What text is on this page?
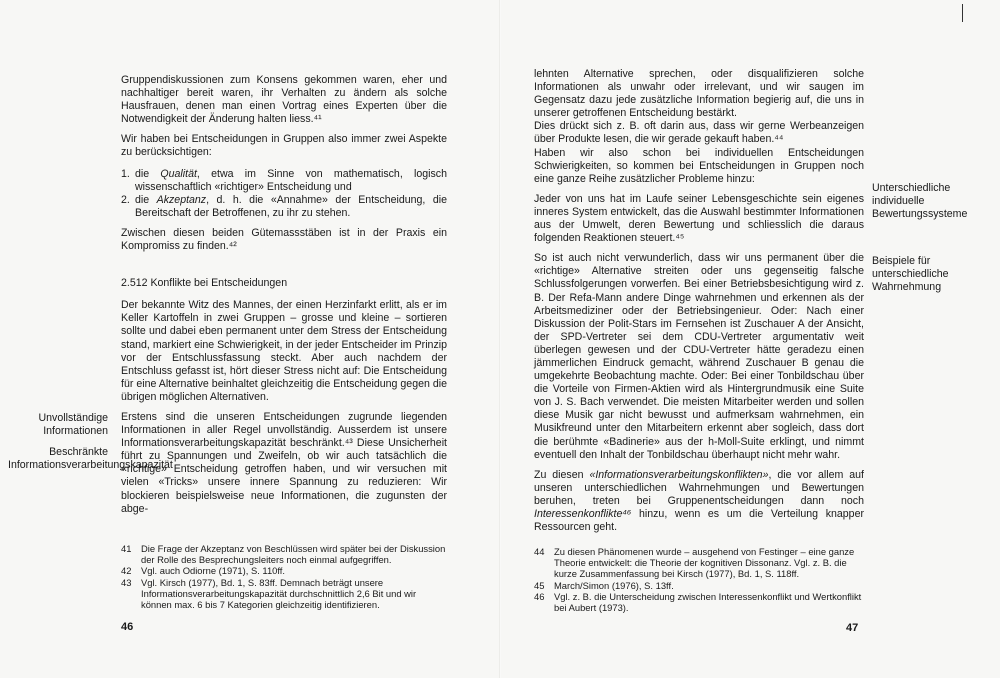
Gruppendiskussionen zum Konsens gekommen waren, eher und nachhaltiger bereit waren, ihr Verhalten zu ändern als solche Hausfrauen, denen man einen Vortrag eines Experten über die Notwendigkeit der Änderung halten liess.⁴¹

Wir haben bei Entscheidungen in Gruppen also immer zwei Aspekte zu berücksichtigen:

1. die Qualität, etwa im Sinne von mathematisch, logisch wissenschaftlich «richtiger» Entscheidung und
2. die Akzeptanz, d. h. die «Annahme» der Entscheidung, die Bereitschaft der Betroffenen, zu ihr zu stehen.

Zwischen diesen beiden Gütemassstäben ist in der Praxis ein Kompromiss zu finden.⁴²

2.512 Konflikte bei Entscheidungen

Der bekannte Witz des Mannes, der einen Herzinfarkt erlitt, als er im Keller Kartoffeln in zwei Gruppen – grosse und kleine – sortieren sollte und dabei eben permanent unter dem Stress der Entscheidung stand, markiert eine Schwierigkeit, in der jeder Entscheider im Prinzip vor der Entschlussfassung steckt. Aber auch nachdem der Entschluss gefasst ist, hört dieser Stress nicht auf: Die Entscheidung für eine Alternative beinhaltet gleichzeitig die Entscheidung gegen die übrigen möglichen Alternativen.

Erstens sind die unseren Entscheidungen zugrunde liegenden Informationen in aller Regel unvollständig. Ausserdem ist unsere Informationsverarbeitungskapazität beschränkt.⁴³ Diese Unsicherheit führt zu Spannungen und Zweifeln, ob wir auch tatsächlich die «richtige» Entscheidung getroffen haben, und wir versuchen mit vielen «Tricks» unsere innere Spannung zu reduzieren: Wir blockieren beispielsweise neue Informationen, die zugunsten der abge-

Unvollständige Informationen
Beschränkte Informationsverarbeitungskapazität
41 Die Frage der Akzeptanz von Beschlüssen wird später bei der Diskussion der Rolle des Besprechungsleiters noch einmal aufgegriffen.
42 Vgl. auch Odiorne (1971), S. 110ff.
43 Vgl. Kirsch (1977), Bd. 1, S. 83ff. Demnach beträgt unsere Informationsverarbeitungskapazität durchschnittlich 2,6 Bit und wir können max. 6 bis 7 Kategorien gleichzeitig identifizieren.
46

lehnten Alternative sprechen, oder disqualifizieren solche Informationen als unwahr oder irrelevant, und wir saugen im Gegensatz dazu jede zusätzliche Information begierig auf, die uns in unserer getroffenen Entscheidung bestärkt.

Dies drückt sich z. B. oft darin aus, dass wir gerne Werbeanzeigen über Produkte lesen, die wir gerade gekauft haben.⁴⁴

Haben wir also schon bei individuellen Entscheidungen Schwierigkeiten, so kommen bei Entscheidungen in Gruppen noch eine ganze Reihe zusätzlicher Probleme hinzu:

Jeder von uns hat im Laufe seiner Lebensgeschichte sein eigenes inneres System entwickelt, das die Auswahl bestimmter Informationen aus der Umwelt, deren Bewertung und schliesslich die daraus folgenden Reaktionen steuert.⁴⁵

So ist auch nicht verwunderlich, dass wir uns permanent über die «richtige» Alternative streiten oder uns gegenseitig falsche Schlussfolgerungen vorwerfen. Bei einer Betriebsbesichtigung wird z. B. Der Refa-Mann andere Dinge wahrnehmen und erkennen als der Arbeitsmediziner oder der Betriebsingenieur. Oder: Nach einer Diskussion der Polit-Stars im Fernsehen ist Zuschauer A der Ansicht, der SPD-Vertreter sei dem CDU-Vertreter argumentativ weit überlegen gewesen und der CDU-Vertreter hätte geradezu einen jämmerlichen Eindruck gemacht, während Zuschauer B genau die umgekehrte Beobachtung machte. Oder: Bei einer Tonbildschau über die Vorteile von Firmen-Aktien wird als Hintergrundmusik eine Suite von J. S. Bach verwendet. Die meisten Mitarbeiter werden und sollen diese Musik gar nicht bewusst und aufmerksam wahrnehmen, ein Musikfreund unter den Mitarbeitern erkennt aber sogleich, dass dort die berühmte «Badinerie» aus der h-Moll-Suite erklingt, und nimmt eventuell den Inhalt der Tonbildschau überhaupt nicht mehr wahr.

Zu diesen «Informationsverarbeitungskonflikten», die vor allem auf unseren unterschiedlichen Wahrnehmungen und Bewertungen beruhen, treten bei Gruppenentscheidungen dann noch Interessenkonflikte⁴⁶ hinzu, wenn es um die Verteilung knapper Ressourcen geht.

Unterschiedliche individuelle Bewertungssysteme
Beispiele für unterschiedliche Wahrnehmung
44 Zu diesen Phänomenen wurde – ausgehend von Festinger – eine ganze Theorie entwickelt: die Theorie der kognitiven Dissonanz. Vgl. z. B. die kurze Zusammenfassung bei Kirsch (1977), Bd. 1, S. 118ff.
45 March/Simon (1976), S. 13ff.
46 Vgl. z. B. die Unterscheidung zwischen Interessenkonflikt und Wertkonflikt bei Aubert (1973).
47
